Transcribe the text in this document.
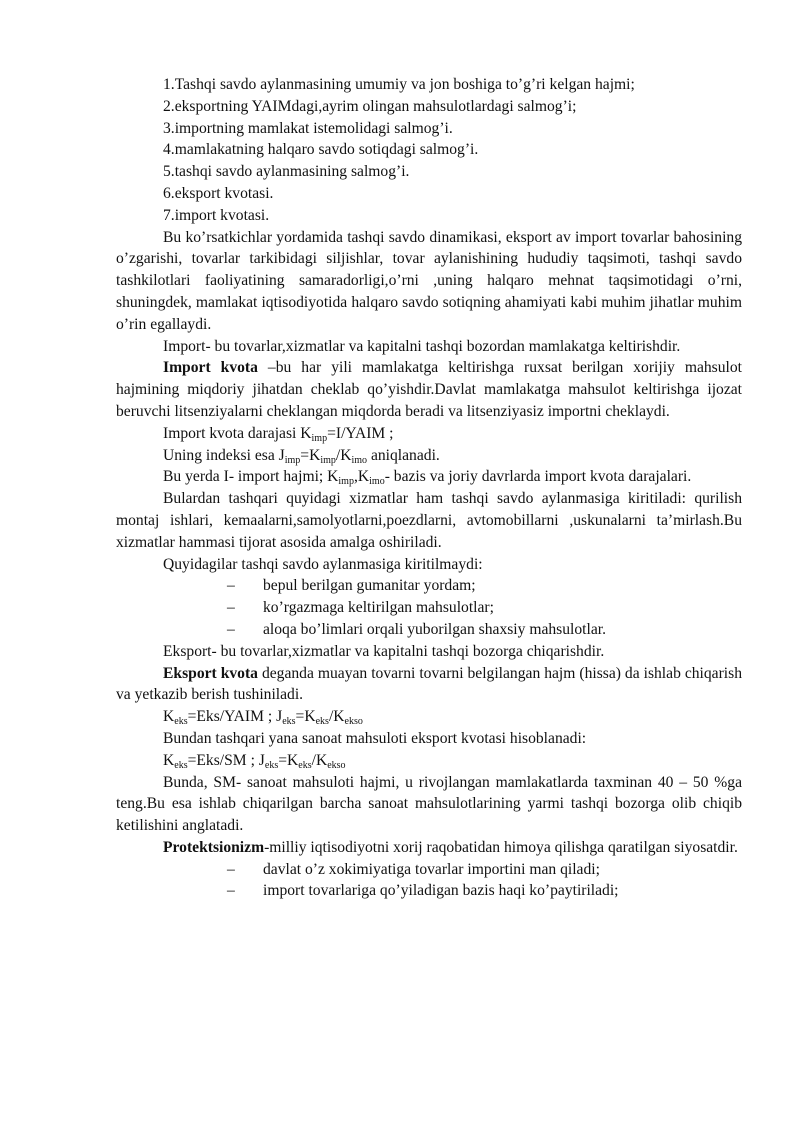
1.Tashqi savdo aylanmasining umumiy va jon boshiga to’g’ri kelgan hajmi;
2.eksportning YAIMdagi,ayrim olingan mahsulotlardagi salmog’i;
3.importning mamlakat istemolidagi salmog’i.
4.mamlakatning halqaro savdo sotiqdagi salmog’i.
5.tashqi savdo aylanmasining salmog’i.
6.eksport kvotasi.
7.import kvotasi.

Bu ko’rsatkichlar yordamida tashqi savdo dinamikasi, eksport av import tovarlar bahosining o’zgarishi, tovarlar tarkibidagi siljishlar, tovar aylanishining hududiy taqsimoti, tashqi savdo tashkilotlari faoliyatining samaradorligi,o’rni ,uning halqaro mehnat taqsimotidagi o’rni, shuningdek, mamlakat iqtisodiyotida halqaro savdo sotiqning ahamiyati kabi muhim jihatlar muhim o’rin egallaydi.

Import- bu tovarlar,xizmatlar va kapitalni tashqi bozordan mamlakatga keltirishdir.

Import kvota –bu har yili mamlakatga keltirishga ruxsat berilgan xorijiy mahsulot hajmining miqdoriy jihatdan cheklab qo’yishdir.Davlat mamlakatga mahsulot keltirishga ijozat beruvchi litsenziyalarni cheklangan miqdorda beradi va litsenziyasiz importni cheklaydi.

Import kvota darajasi $K_{imp}=I$/YAIM ;
Uning indeksi esa $J_{imp}=K_{imp}/K_{imo}$ aniqlanadi.

Bu yerda I- import hajmi; $K_{imp},K_{imo}-$ bazis va joriy davrlarda import kvota darajalari.

Bulardan tashqari quyidagi xizmatlar ham tashqi savdo aylanmasiga kiritiladi: qurilish montaj ishlari, kemaalarni,samolyotlarni,poezdlarni, avtomobillarni ,uskunalarni ta’mirlash.Bu xizmatlar hammasi tijorat asosida amalga oshiriladi.

Quyidagilar tashqi savdo aylanmasiga kiritilmaydi:
– bepul berilgan gumanitar yordam;
– ko’rgazmaga keltirilgan mahsulotlar;
– aloqa bo’limlari orqali yuborilgan shaxsiy mahsulotlar.
Eksport- bu tovarlar,xizmatlar va kapitalni tashqi bozorga chiqarishdir.

Eksport kvota deganda muayan tovarni tovarni belgilangan hajm (hissa) da ishlab chiqarish va yetkazib berish tushiniladi.

$K_{eks}=Eks$/YAIM ; $J_{eks}=K_{eks}/K_{ekso}$
Bundan tashqari yana sanoat mahsuloti eksport kvotasi hisoblanadi:
$K_{eks}=Eks/SM$ ; $J_{eks}=K_{eks}/K_{ekso}$

Bunda, SM- sanoat mahsuloti hajmi, u rivojlangan mamlakatlarda taxminan 40 – 50 %ga teng.Bu esa ishlab chiqarilgan barcha sanoat mahsulotlarining yarmi tashqi bozorga olib chiqib ketilishini anglatadi.

Protektsionizm-milliy iqtisodiyotni xorij raqobatidan himoya qilishga qaratilgan siyosatdir.

– davlat o’z xokimiyatiga tovarlar importini man qiladi;
– import tovarlariga qo’yiladigan bazis haqi ko’paytiriladi;
